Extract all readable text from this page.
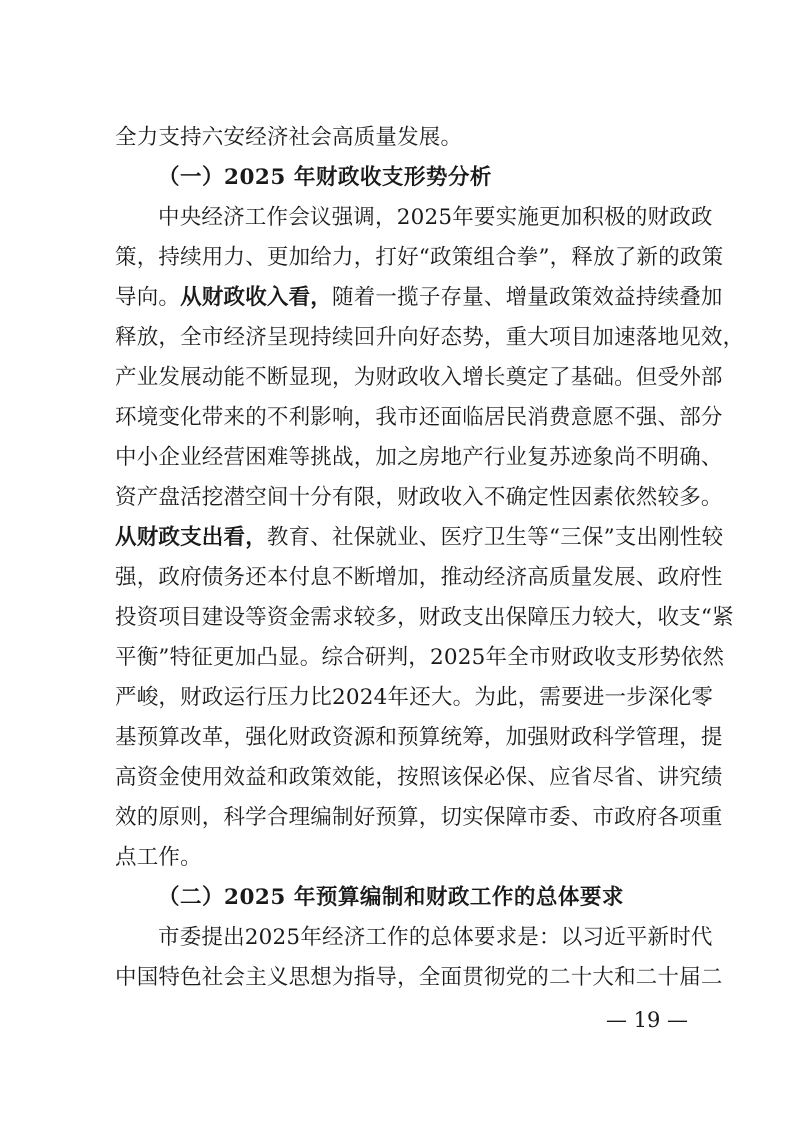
全力支持六安经济社会高质量发展。
（一）2025 年财政收支形势分析
中央经济工作会议强调，2025年要实施更加积极的财政政
策，持续用力、更加给力，打好“政策组合拳”，释放了新的政策
导向。从财政收入看，随着一揽子存量、增量政策效益持续叠加
释放，全市经济呈现持续回升向好态势，重大项目加速落地见效，
产业发展动能不断显现，为财政收入增长奠定了基础。但受外部
环境变化带来的不利影响，我市还面临居民消费意愿不强、部分
中小企业经营困难等挑战，加之房地产行业复苏迹象尚不明确、
资产盘活挖潜空间十分有限，财政收入不确定性因素依然较多。
从财政支出看，教育、社保就业、医疗卫生等“三保”支出刚性较
强，政府债务还本付息不断增加，推动经济高质量发展、政府性
投资项目建设等资金需求较多，财政支出保障压力较大，收支“紧
平衡”特征更加凸显。综合研判，2025年全市财政收支形势依然
严峻，财政运行压力比2024年还大。为此，需要进一步深化零
基预算改革，强化财政资源和预算统筹，加强财政科学管理，提
高资金使用效益和政策效能，按照该保必保、应省尽省、讲究绩
效的原则，科学合理编制好预算，切实保障市委、市政府各项重
点工作。
（二）2025 年预算编制和财政工作的总体要求
市委提出2025年经济工作的总体要求是：以习近平新时代
中国特色社会主义思想为指导，全面贯彻党的二十大和二十届二
— 19 —
